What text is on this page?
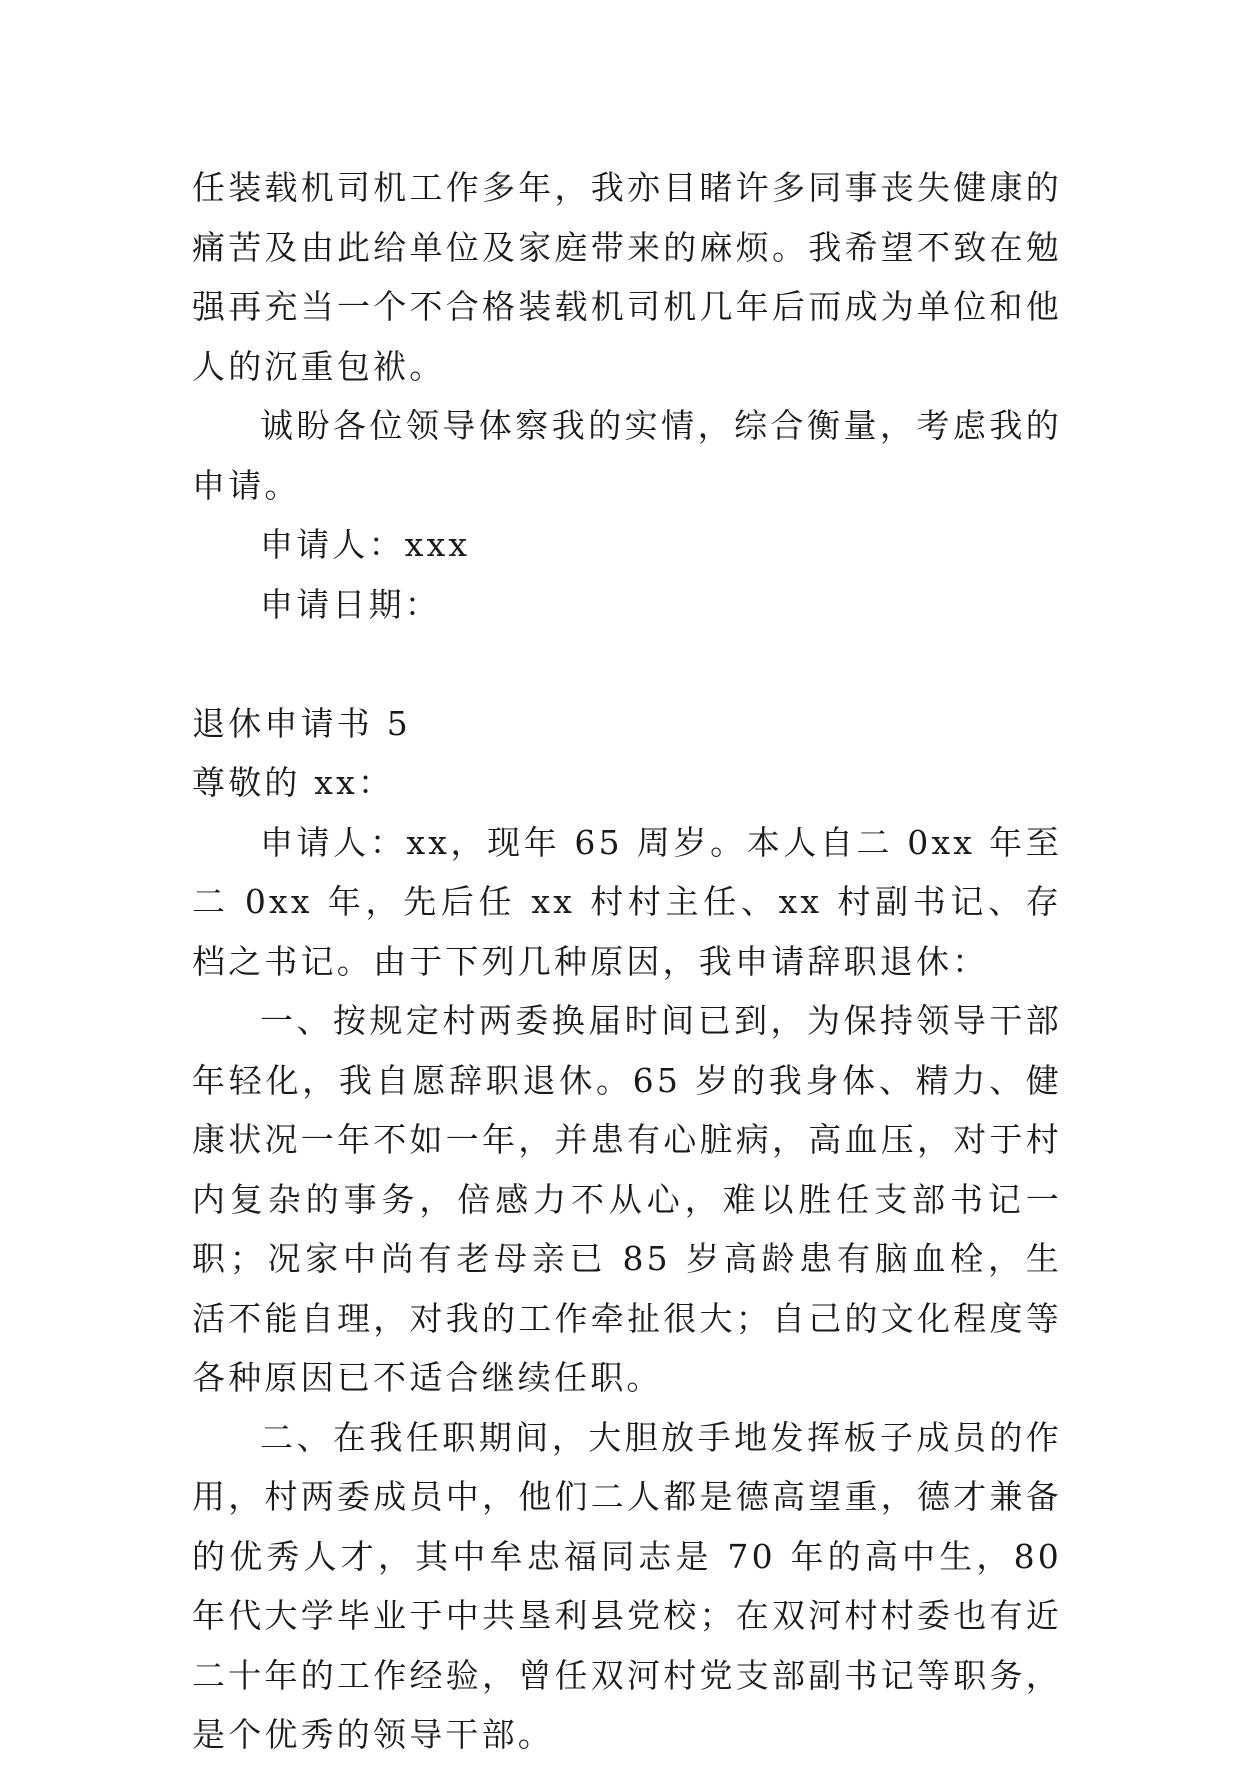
任装载机司机工作多年，我亦目睹许多同事丧失健康的痛苦及由此给单位及家庭带来的麻烦。我希望不致在勉强再充当一个不合格装载机司机几年后而成为单位和他人的沉重包袱。

诚盼各位领导体察我的实情，综合衡量，考虑我的申请。

申请人：xxx

申请日期：

退休申请书 5

尊敬的 xx：

申请人：xx，现年 65 周岁。本人自二 0xx 年至二 0xx 年，先后任 xx 村村主任、xx 村副书记、存档之书记。由于下列几种原因，我申请辞职退休：

一、按规定村两委换届时间已到，为保持领导干部年轻化，我自愿辞职退休。65 岁的我身体、精力、健康状况一年不如一年，并患有心脏病，高血压，对于村内复杂的事务，倍感力不从心，难以胜任支部书记一职；况家中尚有老母亲已 85 岁高龄患有脑血栓，生活不能自理，对我的工作牵扯很大；自己的文化程度等各种原因已不适合继续任职。

二、在我任职期间，大胆放手地发挥板子成员的作用，村两委成员中，他们二人都是德高望重，德才兼备的优秀人才，其中牟忠福同志是 70 年的高中生，80 年代大学毕业于中共垦利县党校；在双河村村委也有近二十年的工作经验，曾任双河村党支部副书记等职务，是个优秀的领导干部。
